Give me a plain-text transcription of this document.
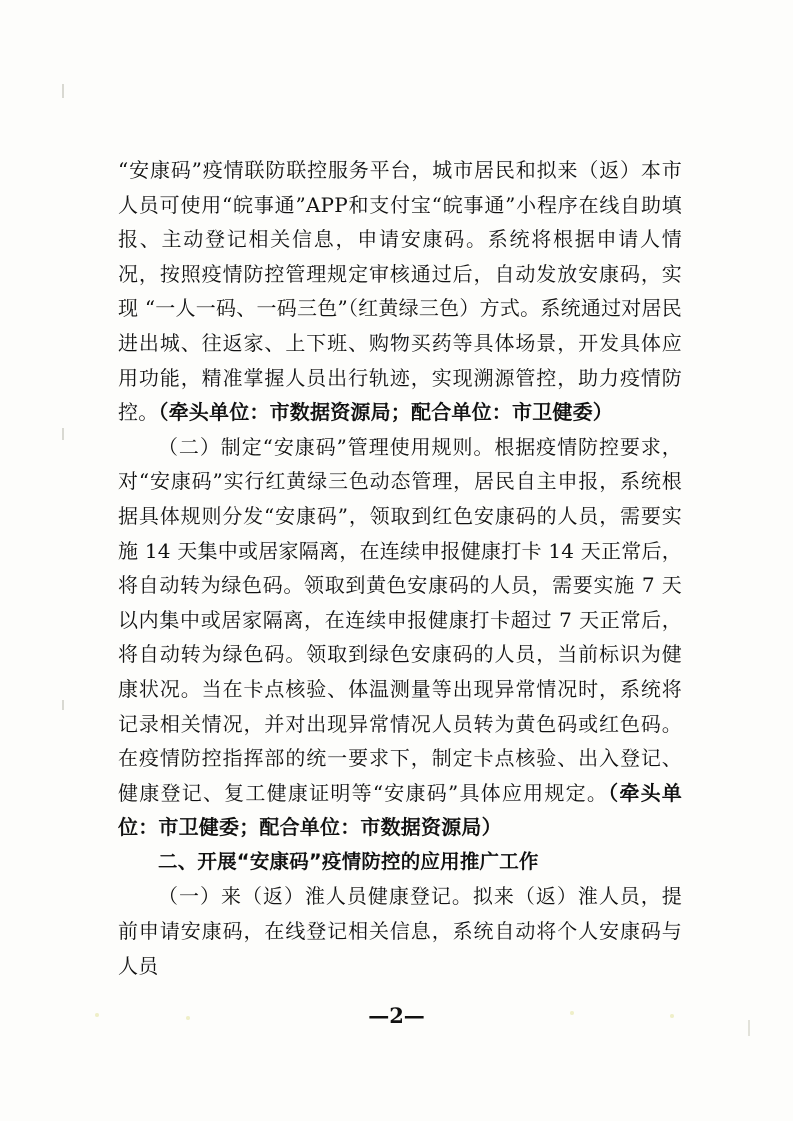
“安康码”疫情联防联控服务平台，城市居民和拟来（返）本市人员可使用“皖事通”APP和支付宝“皖事通”小程序在线自助填报、主动登记相关信息，申请安康码。系统将根据申请人情况，按照疫情防控管理规定审核通过后，自动发放安康码，实现 “一人一码、一码三色”（红黄绿三色）方式。系统通过对居民进出城、往返家、上下班、购物买药等具体场景，开发具体应用功能，精准掌握人员出行轨迹，实现溯源管控，助力疫情防控。（牵头单位：市数据资源局；配合单位：市卫健委）

（二）制定“安康码”管理使用规则。根据疫情防控要求，对“安康码”实行红黄绿三色动态管理，居民自主申报，系统根据具体规则分发“安康码”，领取到红色安康码的人员，需要实施 14 天集中或居家隔离，在连续申报健康打卡 14 天正常后，将自动转为绿色码。领取到黄色安康码的人员，需要实施 7 天以内集中或居家隔离，在连续申报健康打卡超过 7 天正常后，将自动转为绿色码。领取到绿色安康码的人员，当前标识为健康状况。当在卡点核验、体温测量等出现异常情况时，系统将记录相关情况，并对出现异常情况人员转为黄色码或红色码。在疫情防控指挥部的统一要求下，制定卡点核验、出入登记、健康登记、复工健康证明等“安康码”具体应用规定。（牵头单位：市卫健委；配合单位：市数据资源局）

二、开展“安康码”疫情防控的应用推广工作

（一）来（返）淮人员健康登记。拟来（返）淮人员，提前申请安康码，在线登记相关信息，系统自动将个人安康码与人员

—2—
